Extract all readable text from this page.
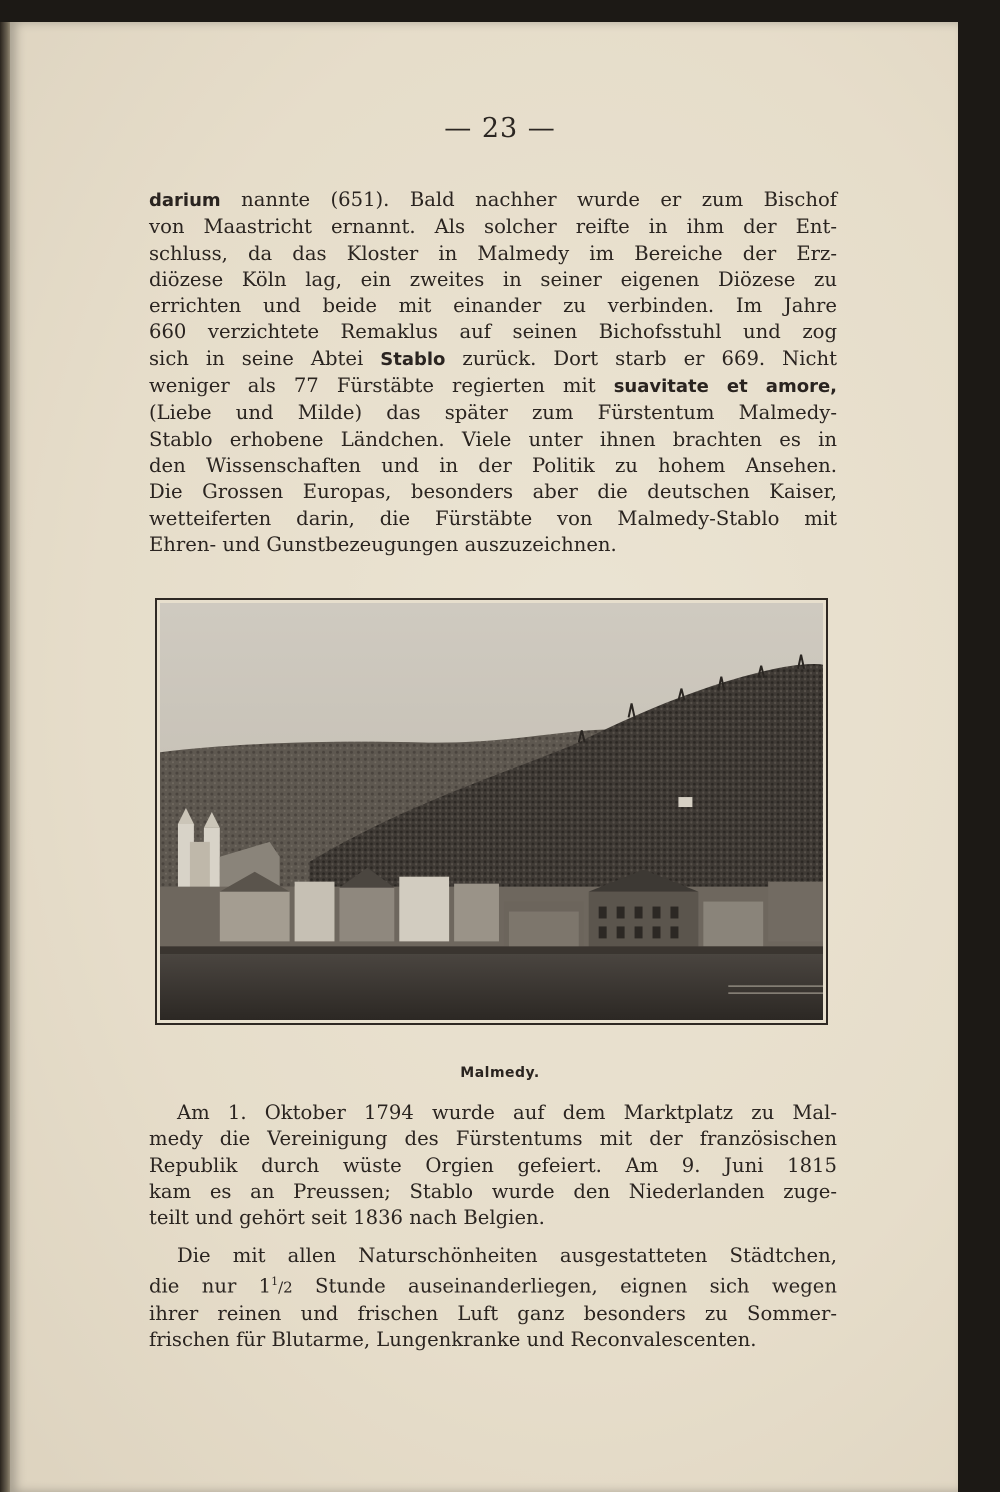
— 23 —
darium nannte (651). Bald nachher wurde er zum Bischof
von Maastricht ernannt. Als solcher reifte in ihm der Ent-
schluss, da das Kloster in Malmedy im Bereiche der Erz-
diözese Köln lag, ein zweites in seiner eigenen Diözese zu
errichten und beide mit einander zu verbinden. Im Jahre
660 verzichtete Remaklus auf seinen Bichofsstuhl und zog
sich in seine Abtei Stablo zurück. Dort starb er 669. Nicht
weniger als 77 Fürstäbte regierten mit suavitate et amore,
(Liebe und Milde) das später zum Fürstentum Malmedy-
Stablo erhobene Ländchen. Viele unter ihnen brachten es in
den Wissenschaften und in der Politik zu hohem Ansehen.
Die Grossen Europas, besonders aber die deutschen Kaiser,
wetteiferten darin, die Fürstäbte von Malmedy-Stablo mit
Ehren- und Gunstbezeugungen auszuzeichnen.
Malmedy.
Am 1. Oktober 1794 wurde auf dem Marktplatz zu Mal-
medy die Vereinigung des Fürstentums mit der französischen
Republik durch wüste Orgien gefeiert. Am 9. Juni 1815
kam es an Preussen; Stablo wurde den Niederlanden zuge-
teilt und gehört seit 1836 nach Belgien.
Die mit allen Naturschönheiten ausgestatteten Städtchen,
die nur $1^1/2$ Stunde auseinanderliegen, eignen sich wegen
ihrer reinen und frischen Luft ganz besonders zu Sommer-
frischen für Blutarme, Lungenkranke und Reconvalescenten.
